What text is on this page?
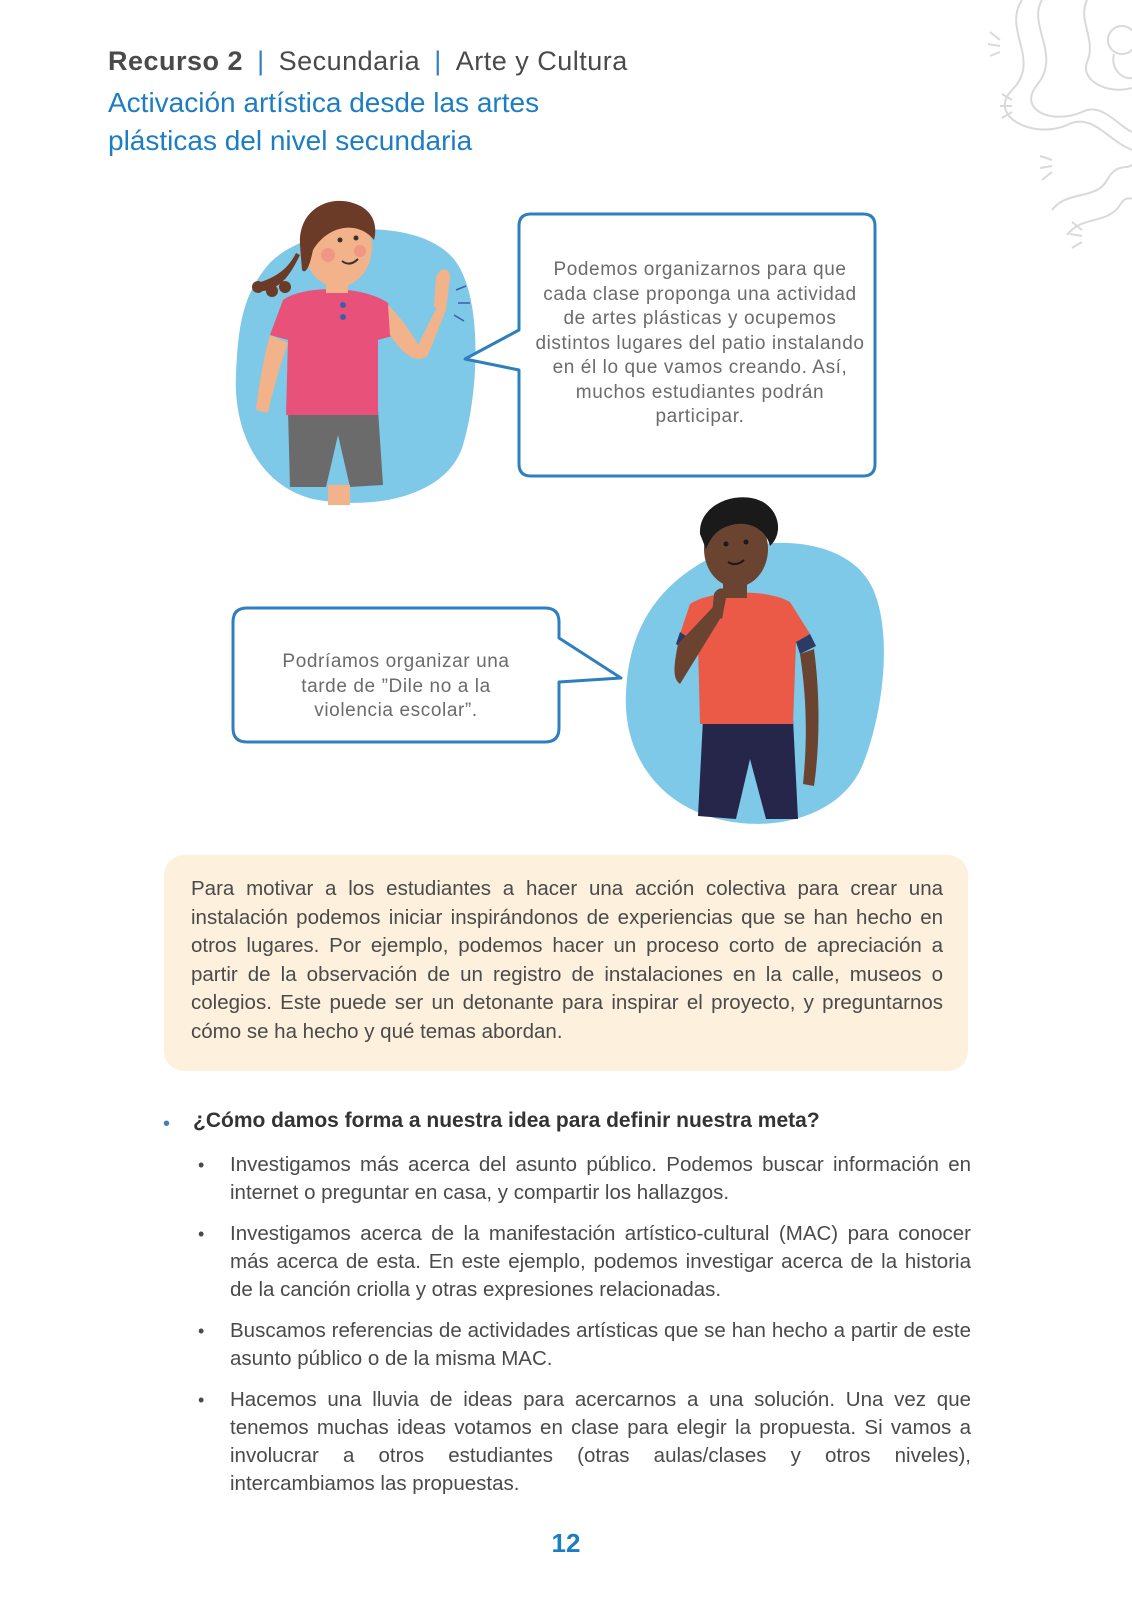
Recurso 2 | Secundaria | Arte y Cultura
Activación artística desde las artes
plásticas del nivel secundaria
Podemos organizarnos para que cada clase proponga una actividad de artes plásticas y ocupemos distintos lugares del patio instalando en él lo que vamos creando. Así, muchos estudiantes podrán participar.
Podríamos organizar una tarde de ”Dile no a la violencia escolar”.
Para motivar a los estudiantes a hacer una acción colectiva para crear una instalación podemos iniciar inspirándonos de experiencias que se han hecho en otros lugares. Por ejemplo, podemos hacer un proceso corto de apreciación a partir de la observación de un registro de instalaciones en la calle, museos o colegios. Este puede ser un detonante para inspirar el proyecto, y preguntarnos cómo se ha hecho y qué temas abordan.
• ¿Cómo damos forma a nuestra idea para definir nuestra meta?
• Investigamos más acerca del asunto público. Podemos buscar información en internet o preguntar en casa, y compartir los hallazgos.
• Investigamos acerca de la manifestación artístico-cultural (MAC) para conocer más acerca de esta. En este ejemplo, podemos investigar acerca de la historia de la canción criolla y otras expresiones relacionadas.
• Buscamos referencias de actividades artísticas que se han hecho a partir de este asunto público o de la misma MAC.
• Hacemos una lluvia de ideas para acercarnos a una solución. Una vez que tenemos muchas ideas votamos en clase para elegir la propuesta. Si vamos a involucrar a otros estudiantes (otras aulas/clases y otros niveles), intercambiamos las propuestas.
12
